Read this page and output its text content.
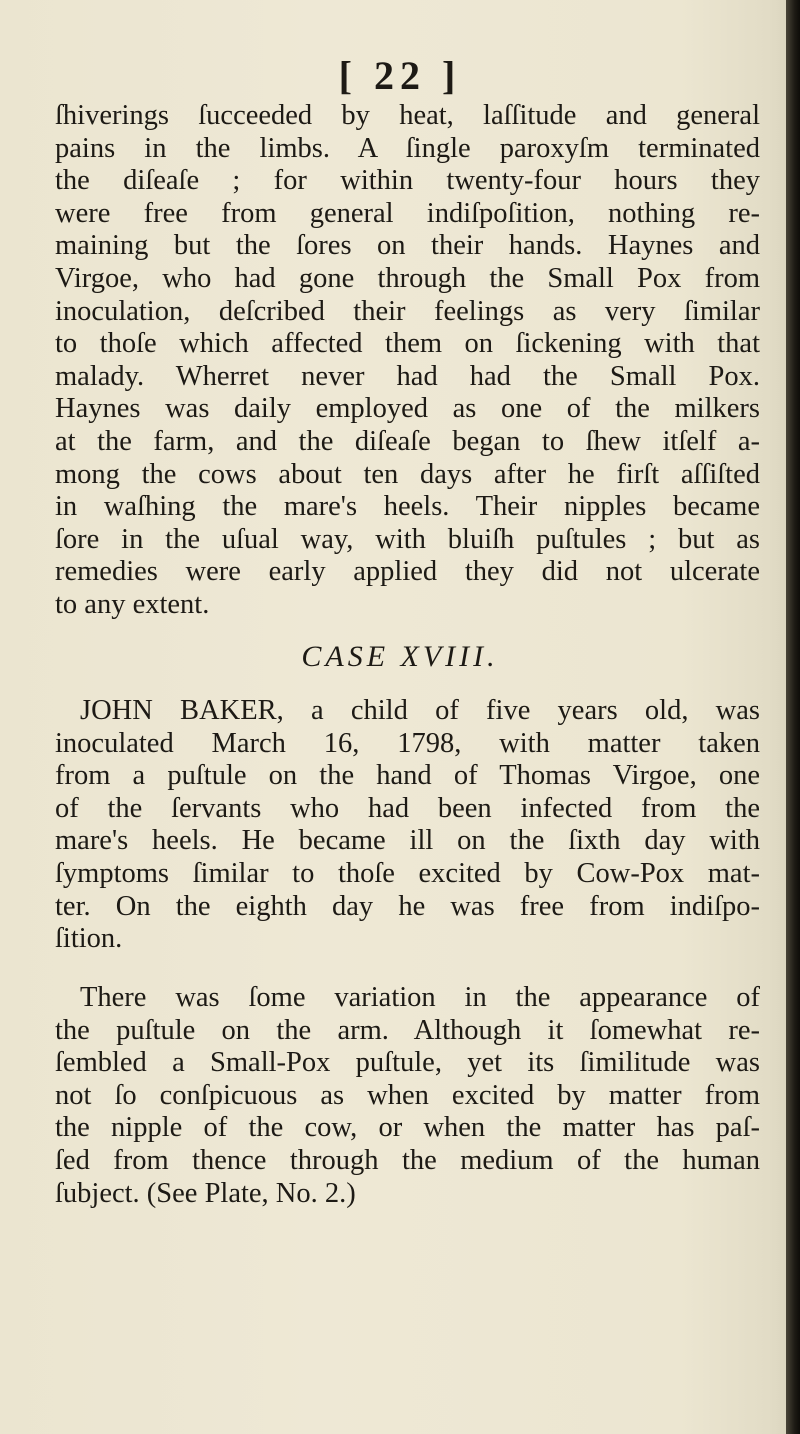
[ 22 ]
ſhiverings ſucceeded by heat, laſſitude and general
pains in the limbs. A ſingle paroxyſm terminated
the diſeaſe ; for within twenty-four hours they
were free from general indiſpoſition, nothing re-
maining but the ſores on their hands. Haynes and
Virgoe, who had gone through the Small Pox from
inoculation, deſcribed their feelings as very ſimilar
to thoſe which affected them on ſickening with that
malady. Wherret never had had the Small Pox.
Haynes was daily employed as one of the milkers
at the farm, and the diſeaſe began to ſhew itſelf a-
mong the cows about ten days after he firſt aſſiſted
in waſhing the mare's heels. Their nipples became
ſore in the uſual way, with bluiſh puſtules ; but as
remedies were early applied they did not ulcerate
to any extent.
CASE XVIII.
JOHN BAKER, a child of five years old, was
inoculated March 16, 1798, with matter taken
from a puſtule on the hand of Thomas Virgoe, one
of the ſervants who had been infected from the
mare's heels. He became ill on the ſixth day with
ſymptoms ſimilar to thoſe excited by Cow-Pox mat-
ter. On the eighth day he was free from indiſpo-
ſition.
There was ſome variation in the appearance of
the puſtule on the arm. Although it ſomewhat re-
ſembled a Small-Pox puſtule, yet its ſimilitude was
not ſo conſpicuous as when excited by matter from
the nipple of the cow, or when the matter has paſ-
ſed from thence through the medium of the human
ſubject. (See Plate, No. 2.)
